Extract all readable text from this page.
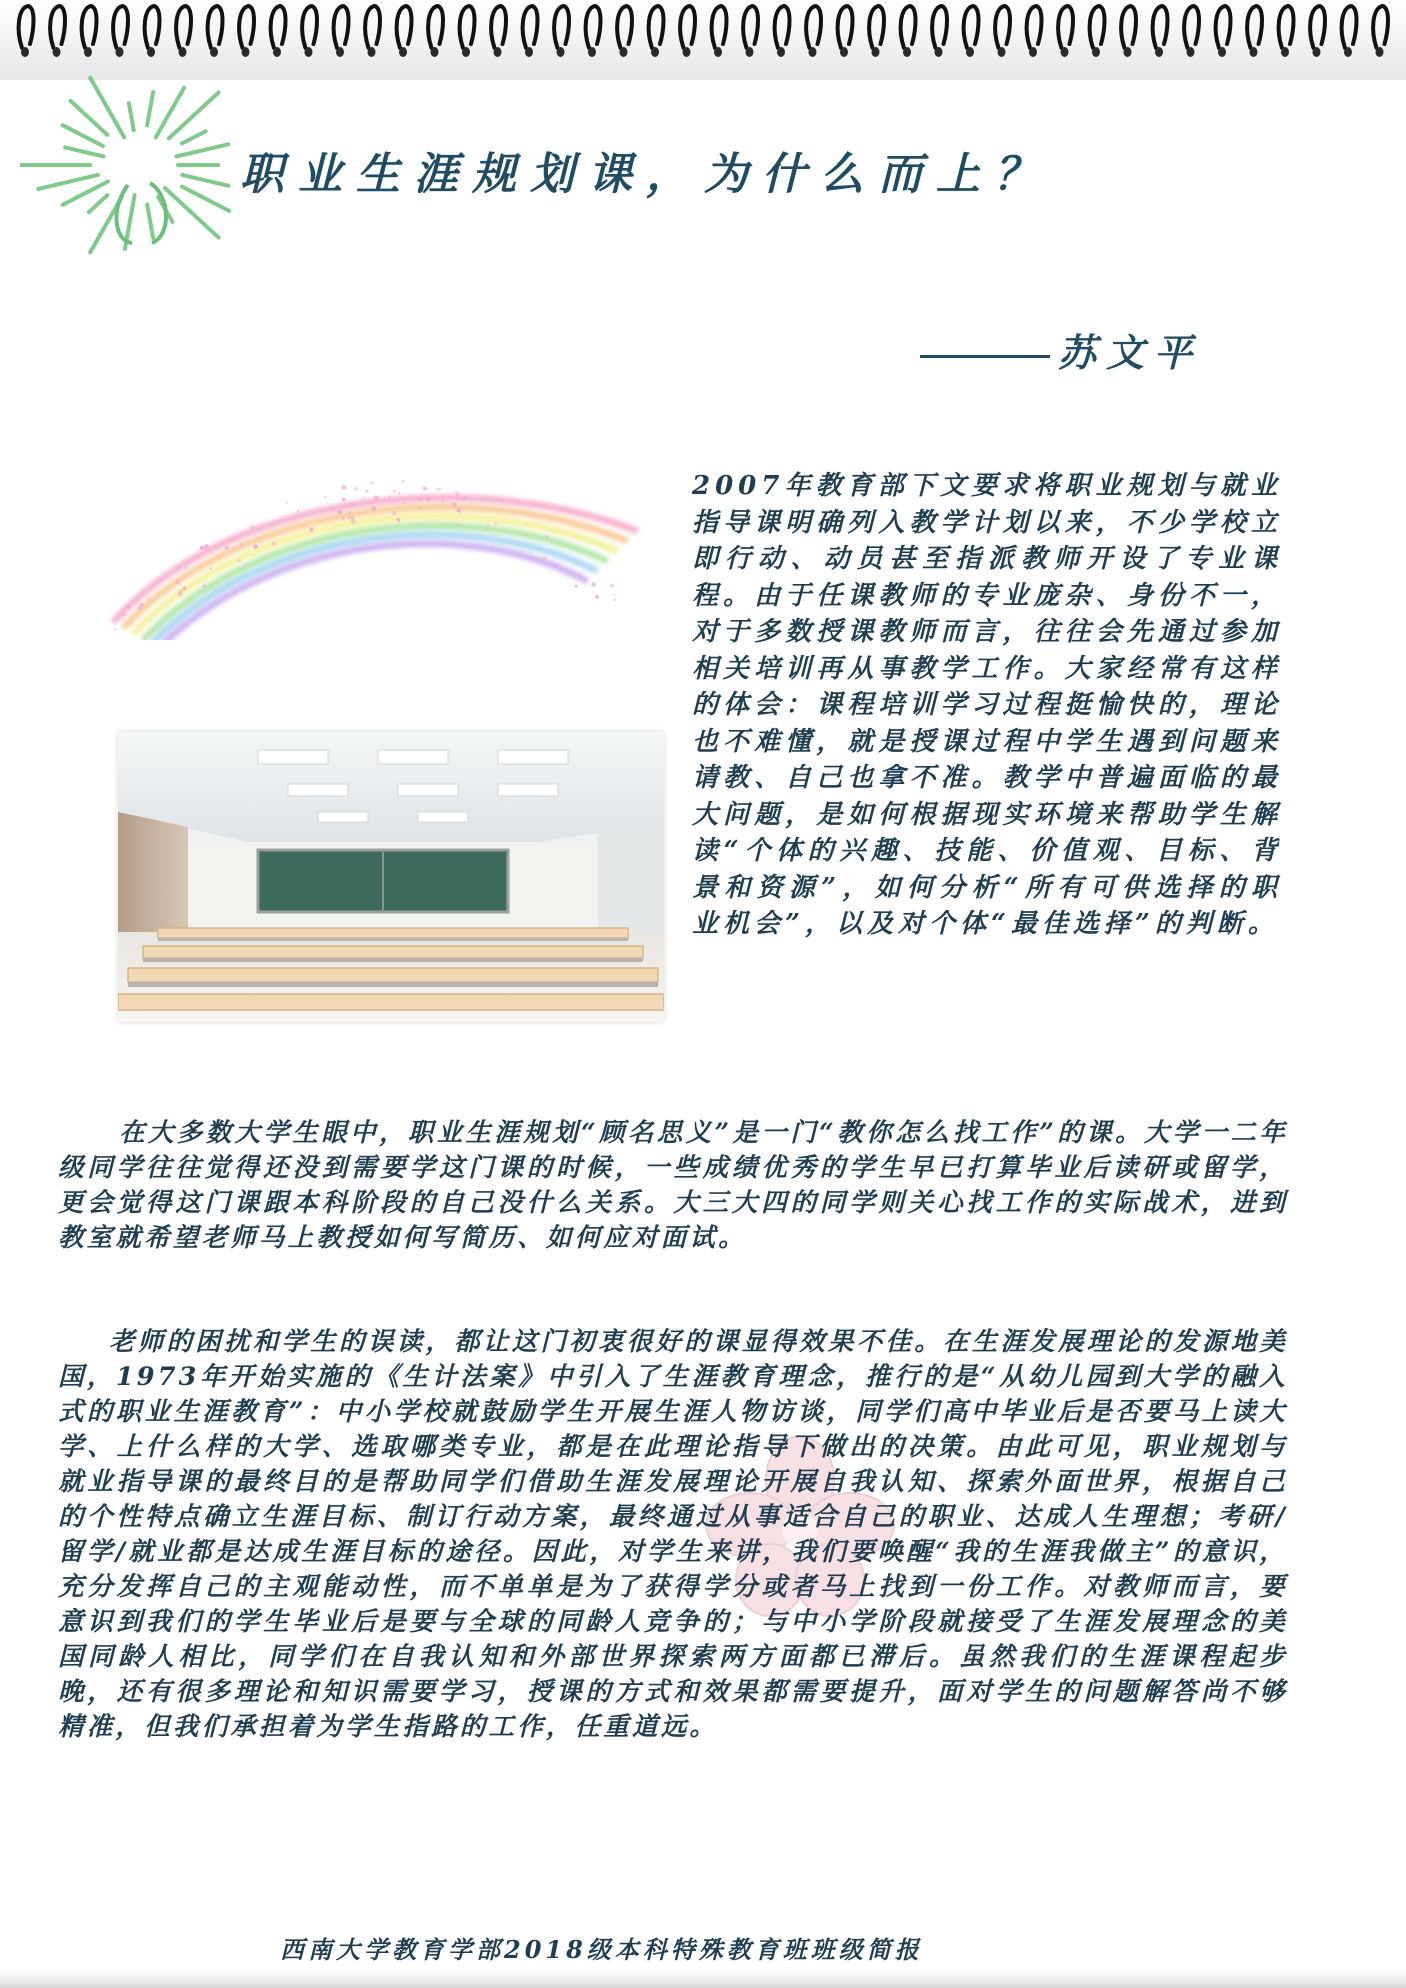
职业生涯规划课，为什么而上？
苏文平

2007年教育部下文要求将职业规划与就业指导课明确列入教学计划以来，不少学校立即行动、动员甚至指派教师开设了专业课程。由于任课教师的专业庞杂、身份不一，对于多数授课教师而言，往往会先通过参加相关培训再从事教学工作。大家经常有这样的体会：课程培训学习过程挺愉快的，理论也不难懂，就是授课过程中学生遇到问题来请教、自己也拿不准。教学中普遍面临的最大问题，是如何根据现实环境来帮助学生解读“个体的兴趣、技能、价值观、目标、背景和资源”，如何分析“所有可供选择的职业机会”，以及对个体“最佳选择”的判断。

在大多数大学生眼中，职业生涯规划“顾名思义”是一门“教你怎么找工作”的课。大学一二年级同学往往觉得还没到需要学这门课的时候，一些成绩优秀的学生早已打算毕业后读研或留学，更会觉得这门课跟本科阶段的自己没什么关系。大三大四的同学则关心找工作的实际战术，进到教室就希望老师马上教授如何写简历、如何应对面试。

老师的困扰和学生的误读，都让这门初衷很好的课显得效果不佳。在生涯发展理论的发源地美国，1973年开始实施的《生计法案》中引入了生涯教育理念，推行的是“从幼儿园到大学的融入式的职业生涯教育”：中小学校就鼓励学生开展生涯人物访谈，同学们高中毕业后是否要马上读大学、上什么样的大学、选取哪类专业，都是在此理论指导下做出的决策。由此可见，职业规划与就业指导课的最终目的是帮助同学们借助生涯发展理论开展自我认知、探索外面世界，根据自己的个性特点确立生涯目标、制订行动方案，最终通过从事适合自己的职业、达成人生理想；考研/留学/就业都是达成生涯目标的途径。因此，对学生来讲，我们要唤醒“我的生涯我做主”的意识，充分发挥自己的主观能动性，而不单单是为了获得学分或者马上找到一份工作。对教师而言，要意识到我们的学生毕业后是要与全球的同龄人竞争的；与中小学阶段就接受了生涯发展理念的美国同龄人相比，同学们在自我认知和外部世界探索两方面都已滞后。虽然我们的生涯课程起步晚，还有很多理论和知识需要学习，授课的方式和效果都需要提升，面对学生的问题解答尚不够精准，但我们承担着为学生指路的工作，任重道远。

西南大学教育学部2018级本科特殊教育班班级简报
